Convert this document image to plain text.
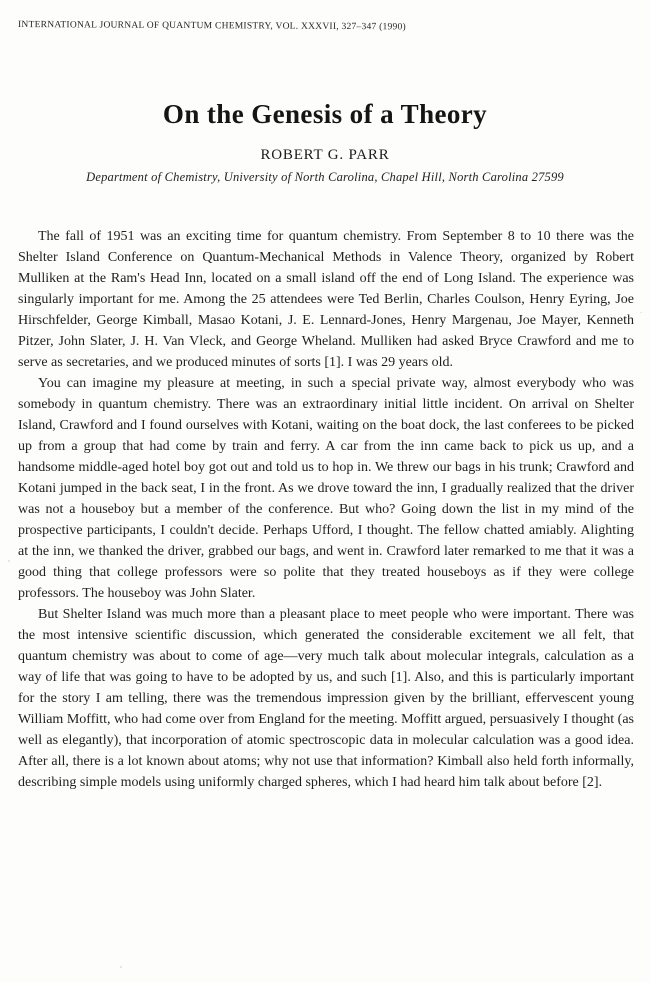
INTERNATIONAL JOURNAL OF QUANTUM CHEMISTRY, VOL. XXXVII, 327–347 (1990)
On the Genesis of a Theory
ROBERT G. PARR
Department of Chemistry, University of North Carolina, Chapel Hill, North Carolina 27599

The fall of 1951 was an exciting time for quantum chemistry. From September 8 to 10 there was the Shelter Island Conference on Quantum-Mechanical Methods in Valence Theory, organized by Robert Mulliken at the Ram's Head Inn, located on a small island off the end of Long Island. The experience was singularly important for me. Among the 25 attendees were Ted Berlin, Charles Coulson, Henry Eyring, Joe Hirschfelder, George Kimball, Masao Kotani, J. E. Lennard-Jones, Henry Margenau, Joe Mayer, Kenneth Pitzer, John Slater, J. H. Van Vleck, and George Wheland. Mulliken had asked Bryce Crawford and me to serve as secretaries, and we produced minutes of sorts [1]. I was 29 years old.

You can imagine my pleasure at meeting, in such a special private way, almost everybody who was somebody in quantum chemistry. There was an extraordinary initial little incident. On arrival on Shelter Island, Crawford and I found ourselves with Kotani, waiting on the boat dock, the last conferees to be picked up from a group that had come by train and ferry. A car from the inn came back to pick us up, and a handsome middle-aged hotel boy got out and told us to hop in. We threw our bags in his trunk; Crawford and Kotani jumped in the back seat, I in the front. As we drove toward the inn, I gradually realized that the driver was not a houseboy but a member of the conference. But who? Going down the list in my mind of the prospective participants, I couldn't decide. Perhaps Ufford, I thought. The fellow chatted amiably. Alighting at the inn, we thanked the driver, grabbed our bags, and went in. Crawford later remarked to me that it was a good thing that college professors were so polite that they treated houseboys as if they were college professors. The houseboy was John Slater.

But Shelter Island was much more than a pleasant place to meet people who were important. There was the most intensive scientific discussion, which generated the considerable excitement we all felt, that quantum chemistry was about to come of age—very much talk about molecular integrals, calculation as a way of life that was going to have to be adopted by us, and such [1]. Also, and this is particularly important for the story I am telling, there was the tremendous impression given by the brilliant, effervescent young William Moffitt, who had come over from England for the meeting. Moffitt argued, persuasively I thought (as well as elegantly), that incorporation of atomic spectroscopic data in molecular calculation was a good idea. After all, there is a lot known about atoms; why not use that information? Kimball also held forth informally, describing simple models using uniformly charged spheres, which I had heard him talk about before [2].
